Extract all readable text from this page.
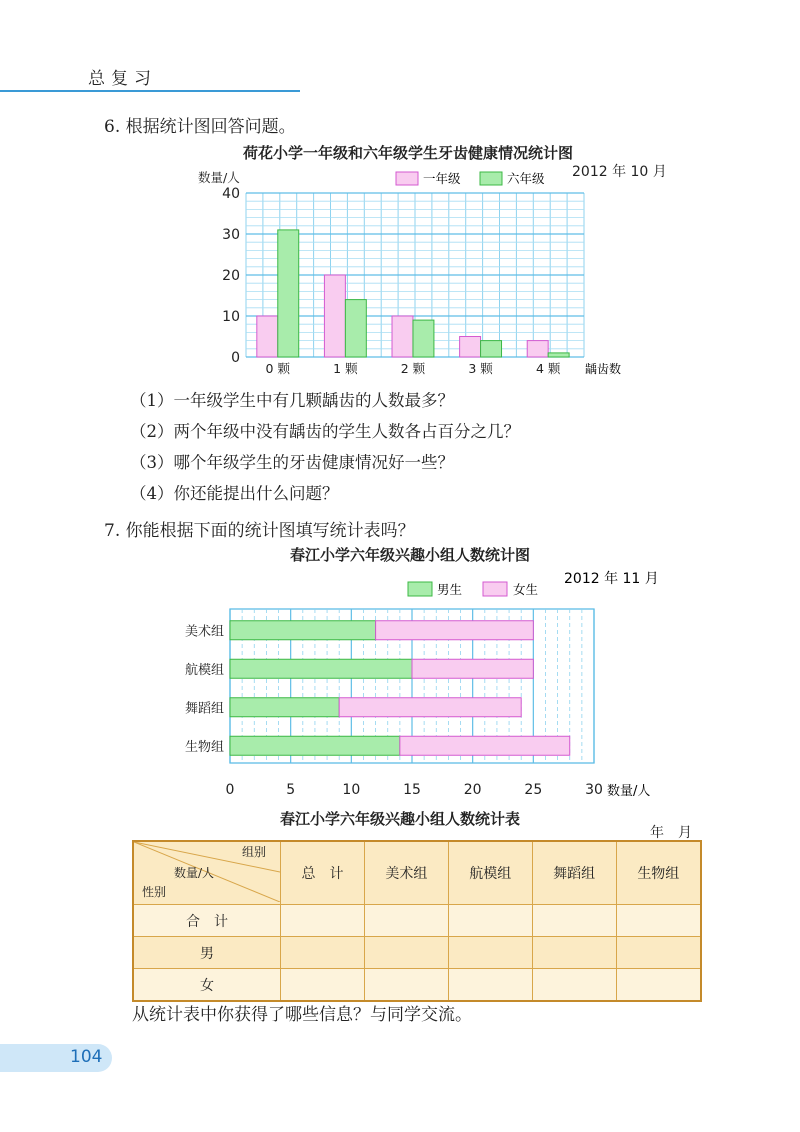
总复习
6. 根据统计图回答问题。
荷花小学一年级和六年级学生牙齿健康情况统计图
数量/人	2012 年 10 月
一年级	六年级
0
10
20
30
40
0 颗	1 颗	2 颗	3 颗	4 颗 龋齿数
（1）一年级学生中有几颗龋齿的人数最多？
（2）两个年级中没有龋齿的学生人数各占百分之几？
（3）哪个年级学生的牙齿健康情况好一些？
（4）你还能提出什么问题？
7. 你能根据下面的统计图填写统计表吗？
春江小学六年级兴趣小组人数统计图
2012 年 11 月
男生	女生
0	5	10	15	20	25	30
美术组
航模组
舞蹈组
生物组
数量/人
春江小学六年级兴趣小组人数统计表
年　月
组别
数量/人
性别	总　计	美术组	航模组	舞蹈组	生物组
合　计					
男					
女					
从统计表中你获得了哪些信息？与同学交流。
104
